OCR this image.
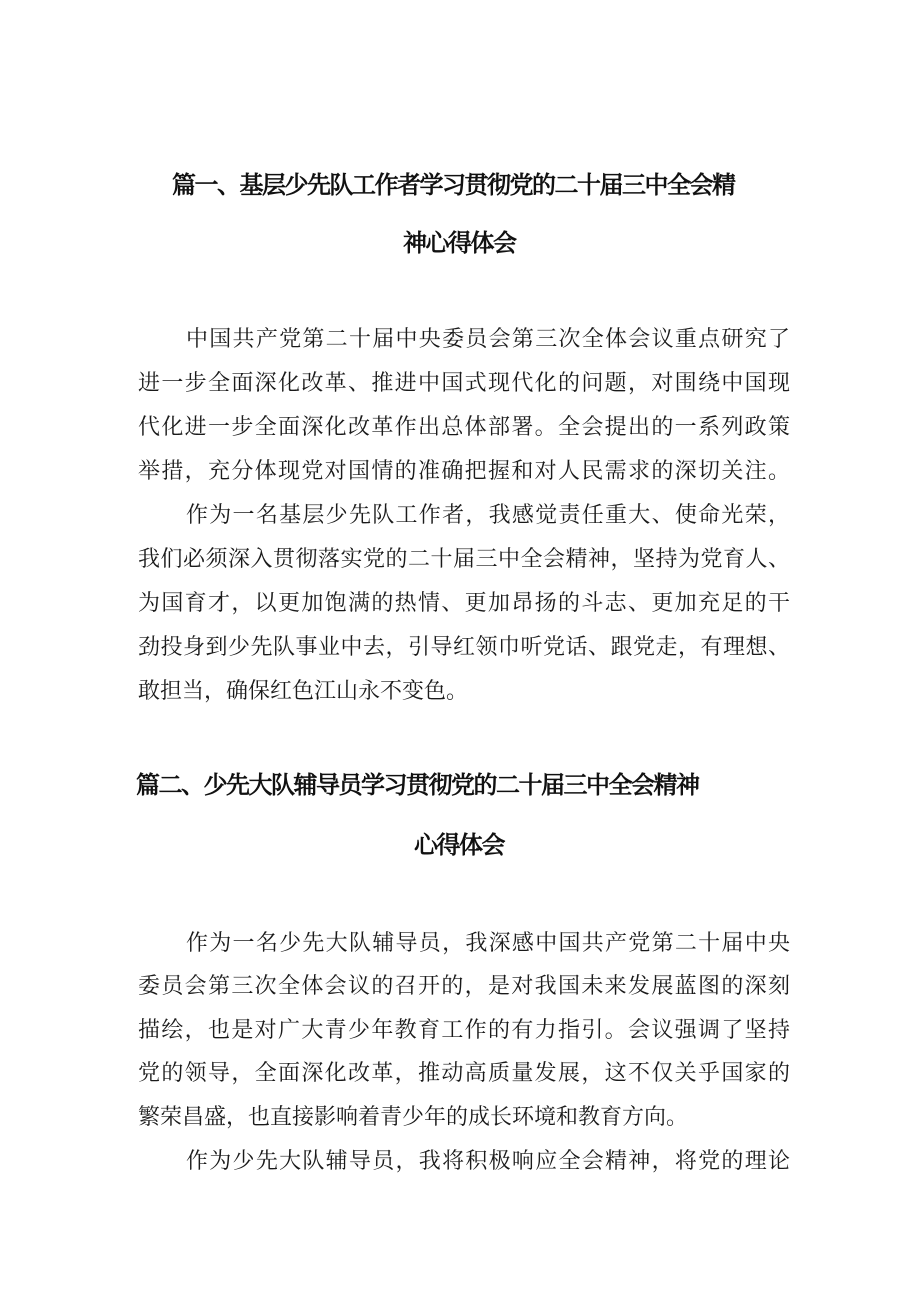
篇一、基层少先队工作者学习贯彻党的二十届三中全会精
神心得体会
中国共产党第二十届中央委员会第三次全体会议重点研究了
进一步全面深化改革、推进中国式现代化的问题，对围绕中国现
代化进一步全面深化改革作出总体部署。全会提出的一系列政策
举措，充分体现党对国情的准确把握和对人民需求的深切关注。
作为一名基层少先队工作者，我感觉责任重大、使命光荣，
我们必须深入贯彻落实党的二十届三中全会精神，坚持为党育人、
为国育才，以更加饱满的热情、更加昂扬的斗志、更加充足的干
劲投身到少先队事业中去，引导红领巾听党话、跟党走，有理想、
敢担当，确保红色江山永不变色。
篇二、少先大队辅导员学习贯彻党的二十届三中全会精神
心得体会
作为一名少先大队辅导员，我深感中国共产党第二十届中央
委员会第三次全体会议的召开的，是对我国未来发展蓝图的深刻
描绘，也是对广大青少年教育工作的有力指引。会议强调了坚持
党的领导，全面深化改革，推动高质量发展，这不仅关乎国家的
繁荣昌盛，也直接影响着青少年的成长环境和教育方向。
作为少先大队辅导员，我将积极响应全会精神，将党的理论
